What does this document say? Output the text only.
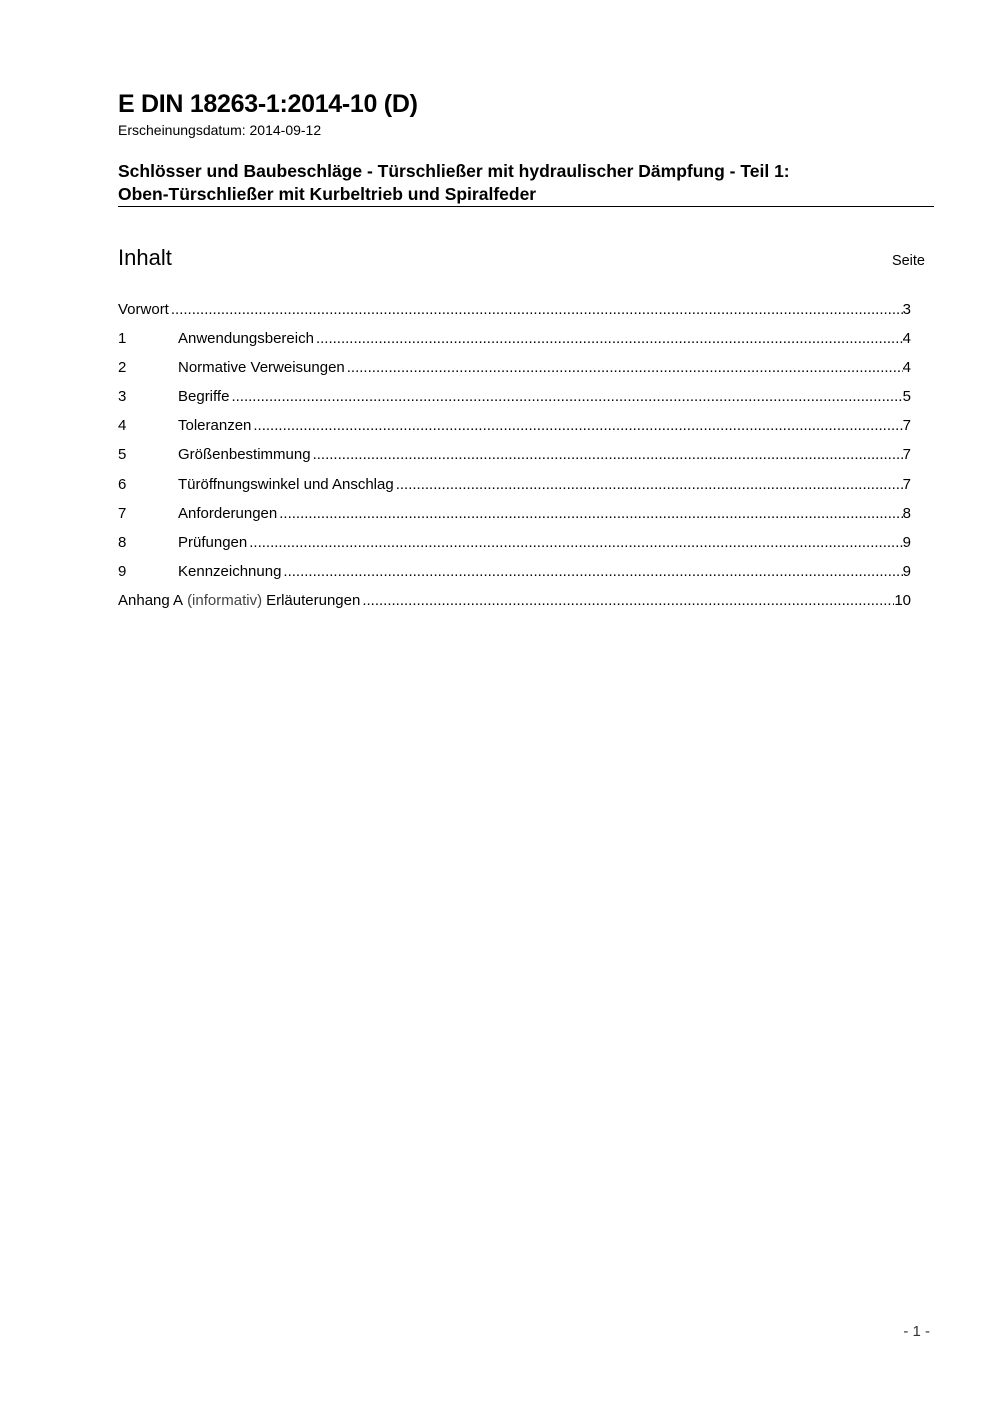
E DIN 18263-1:2014-10 (D)
Erscheinungsdatum: 2014-09-12
Schlösser und Baubeschläge - Türschließer mit hydraulischer Dämpfung - Teil 1:
Oben-Türschließer mit Kurbeltrieb und Spiralfeder
Inhalt	Seite
Vorwort .....	3
1	Anwendungsbereich .....	4
2	Normative Verweisungen .....	4
3	Begriffe .....	5
4	Toleranzen .....	7
5	Größenbestimmung .....	7
6	Türöffnungswinkel und Anschlag .....	7
7	Anforderungen .....	8
8	Prüfungen .....	9
9	Kennzeichnung .....	9
Anhang A (informativ) Erläuterungen .....	10
- 1 -
